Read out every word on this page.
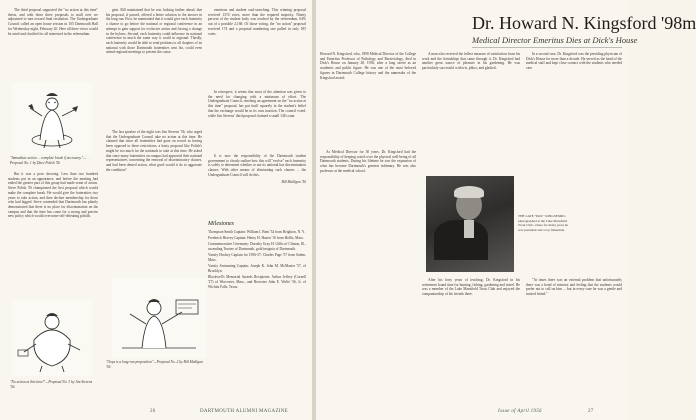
The third proposal supported the "no action at this time" thesis, and with these three proposals to mull over we adjourned to turn toward final resolution. The Undergraduate Council called an open house session in 105 Dartmouth Hall for Wednesday night, February 20. Here all three views would be aired and clarified for all interested in the referendum.

"Immediate action ... complete break if necessary."—Proposal No. 1 by Dave Polish '56

But it was a poor showing. Less than two hundred students put in an appearance, and before the meeting had ended the greater part of this group had made some of action. Steve Polish '56 championed the first proposal which would make the complete break. He would give the fraternities two years to take action, and then declare membership for those who had lagged. Steve contended that Dartmouth has plainly demonstrated that there is no place for discrimination on the campus and that the time has come for a strong and precise new policy which would overcome self-defeating pitfalls.

"No action at this time!"—Proposal No. 3 by Jim Stevens '56.

gent. Bill maintained that he was looking farther ahead, that his proposal, if passed, offered a better solution to the answer in the long run. First, he maintained that it would give each fraternity a chance to go before the national or regional conference in an attempt to gain support for exclusive action and forcing a change in the bylaws. Second, each fraternity could influence its national conference in much the same way it could in regional. Thirdly, each fraternity would be able to send petitions to all chapters of its national with those Dartmouth fraternities sent list, could even attend regional meetings to present the cause.

The last speaker of the night was Jim Stevens '56, who urged that the Undergraduate Council take no action at this time. He claimed that since all fraternities had gone on record as having been opposed to these restrictions, a hasty proposal like Polish's might be too much for the nationals to take at this time. He asked that since many fraternities on campus had approved their national representatives concerning the removal of discriminatory clauses, and had been denied action, what good would it do to aggravate the condition?

"Oops is a long-run proposition"—Proposal No. 2 by Bill Mulligan '56

emotions and student soul-searching. This winning proposal received 1374 votes, more than the required majority. Ninety percent of the student body was reached by the referendum, 64% out of a possible 2,168. Of those voting, the "no action" proposal received 174 and a proposal numbering one pulled in only 185 votes.

In retrospect, it seems that most of the attention was given to the need for changing with a minimum of effort. The Undergraduate Council, reaching an agreement on the "no action at this time" proposal, has put itself squarely in the student's belief that the exchange would be in its own inaction. The council voted, while Jim Stevens' third proposal claimed a small 148 count.

It is now the responsibility of the Dartmouth student government to clearly outline how this will "evolve" each fraternity is solely to determine whether or not its national has discrimination clauses. With other means of eliminating such clauses ... the Undergraduate Council will do this.

Bill Mulligan '56

Milestones

Thompson Smith Captain: William I. Bent '34 from Brighton, N. Y.

Frederick Hervey Captain: Henry H. Hazen '16 from Hollis, Mass.

Commemorative Ceremony: Dorothy Gray H. Gillis of Clinton, Ill., ascending Trustee of Dartmouth, gold insignia of Dartmouth.

Varsity Hockey Captain for 1956-57: Charles Page '57 from Salem, Mass.

Varsity Swimming Captain: Joseph K. John M. McMaster '57, of Brooklyn.

Blackwell's Memorial Awards Recipients: Arthur Jeffrey (Cornell '27) of Worcester, Mass., and Brewster John E. Wolfe '36, Jr. of Wichita Falls, Texas.

26	DARTMOUTH ALUMNI MAGAZINE
Dr. Howard N. Kingsford '98m
Medical Director Emeritus Dies at Dick's House

Howard N. Kingsford, who, 1898 Medical Director of the College and Emeritus Professor of Pathology and Bacteriology, died in Dick's House on January 28, 1956, after a long career as an academic and public figure. He was one of the most beloved figures in Dartmouth College history and the namesake of the Kingsford award.

As Medical Director for 30 years, Dr. Kingsford had the responsibility of keeping watch over the physical well-being of all Dartmouth students. During his lifetime he saw the expansion of what has become Dartmouth's greatest infirmary. He was also professor at the medical school.

A man who received the fullest measure of satisfaction from his work and the friendships that came through it, Dr. Kingsford had another great source of pleasure in his gardening. He was particularly successful with iris, phlox, and gladioli.

THE LATE "DOC" KINGSFORD, photographed at the Lake Mansfield Trout Club, where for many years he was president and a top fisherman.

After his forty years of teaching, Dr. Kingsford in his retirement found time for hunting, fishing, gardening and travel. He was a member of the Lake Mansfield Trout Club and enjoyed the companionship of his friends there.

In a second case, Dr. Kingsford was the presiding physician of Dick's House for more than a decade. He served as the head of the medical staff and kept close contact with the students who needed care.

"At times there was an external problem that unfortunately there was a bond of mistrust and feeling that the students would prefer not to call on him ... but in every case he was a gentle and trusted friend."

Issue of April 1956	27
